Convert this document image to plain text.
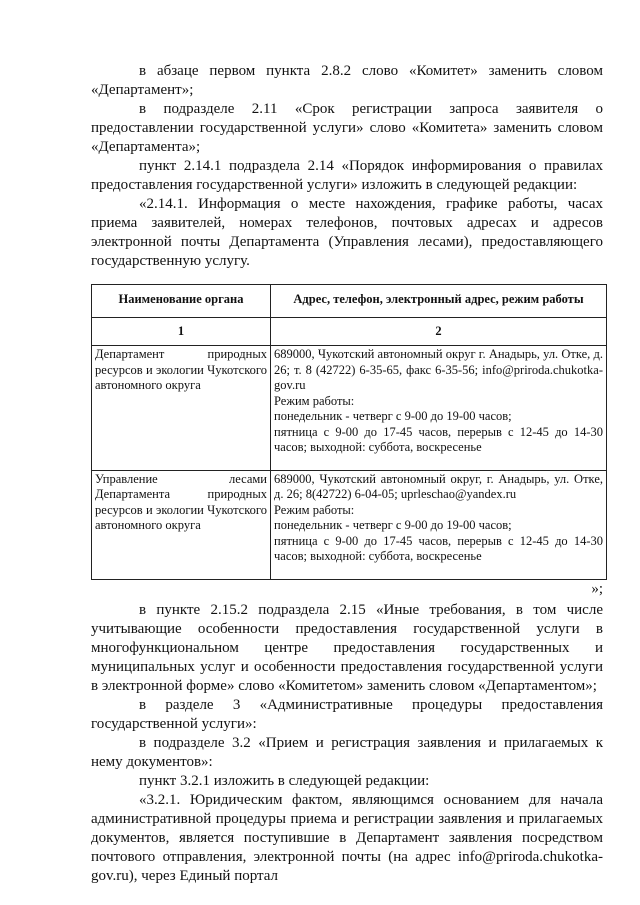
в абзаце первом пункта 2.8.2 слово «Комитет» заменить словом «Департамент»;

в подразделе 2.11 «Срок регистрации запроса заявителя о предоставлении государственной услуги» слово «Комитета» заменить словом «Департамента»;

пункт 2.14.1 подраздела 2.14 «Порядок информирования о правилах предоставления государственной услуги» изложить в следующей редакции:

«2.14.1. Информация о месте нахождения, графике работы, часах приема заявителей, номерах телефонов, почтовых адресах и адресов электронной почты Департамента (Управления лесами), предоставляющего государственную услугу.

Наименование органа	Адрес, телефон, электронный адрес, режим работы
1	2
Департамент природных ресурсов и экологии Чукотского автономного округа	689000, Чукотский автономный округ г. Анадырь, ул. Отке, д. 26; т. 8 (42722) 6-35-65, факс 6-35-56; info@priroda.chukotka-gov.ru
Режим работы:
понедельник - четверг с 9-00 до 19-00 часов;
пятница с 9-00 до 17-45 часов, перерыв с 12-45 до 14-30 часов; выходной: суббота, воскресенье

Управление лесами Департамента природных ресурсов и экологии Чукотского автономного округа	689000, Чукотский автономный округ, г. Анадырь, ул. Отке, д. 26; 8(42722) 6-04-05; uprleschao@yandex.ru
Режим работы:
понедельник - четверг с 9-00 до 19-00 часов;
пятница с 9-00 до 17-45 часов, перерыв с 12-45 до 14-30 часов; выходной: суббота, воскресенье
»;

в пункте 2.15.2 подраздела 2.15 «Иные требования, в том числе учитывающие особенности предоставления государственной услуги в многофункциональном центре предоставления государственных и муниципальных услуг и особенности предоставления государственной услуги в электронной форме» слово «Комитетом» заменить словом «Департаментом»;

в разделе 3 «Административные процедуры предоставления государственной услуги»:

в подразделе 3.2 «Прием и регистрация заявления и прилагаемых к нему документов»:

пункт 3.2.1 изложить в следующей редакции:

«3.2.1. Юридическим фактом, являющимся основанием для начала административной процедуры приема и регистрации заявления и прилагаемых документов, является поступившие в Департамент заявления посредством почтового отправления, электронной почты (на адрес info@priroda.chukotka-gov.ru), через Единый портал
